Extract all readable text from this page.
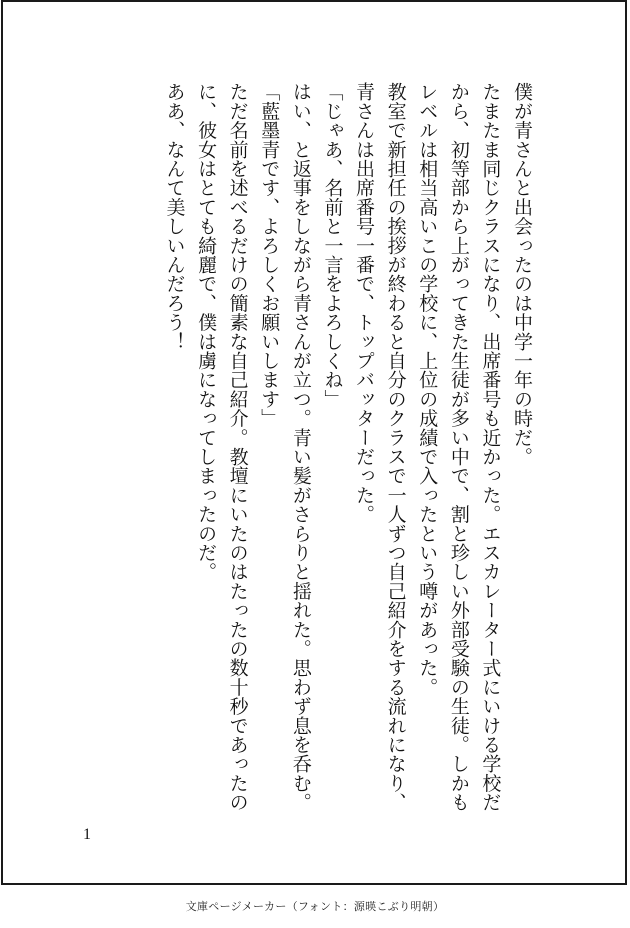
僕が青さんと出会ったのは中学一年の時だ。

たまたま同じクラスになり、出席番号も近かった。エスカレーター式にいける学校だから、初等部から上がってきた生徒が多い中で、割と珍しい外部受験の生徒。しかもレベルは相当高いこの学校に、上位の成績で入ったという噂があった。

教室で新担任の挨拶が終わると自分のクラスで一人ずつ自己紹介をする流れになり、青さんは出席番号一番で、トップバッターだった。

「じゃあ、名前と一言をよろしくね」

はい、と返事をしながら青さんが立つ。青い髪がさらりと揺れた。思わず息を呑む。

「藍墨青です、よろしくお願いします」

ただ名前を述べるだけの簡素な自己紹介。教壇にいたのはたったの数十秒であったのに、彼女はとても綺麗で、僕は虜になってしまったのだ。

ああ、なんて美しいんだろう！

1
文庫ページメーカー（フォント：源暎こぶり明朝）
